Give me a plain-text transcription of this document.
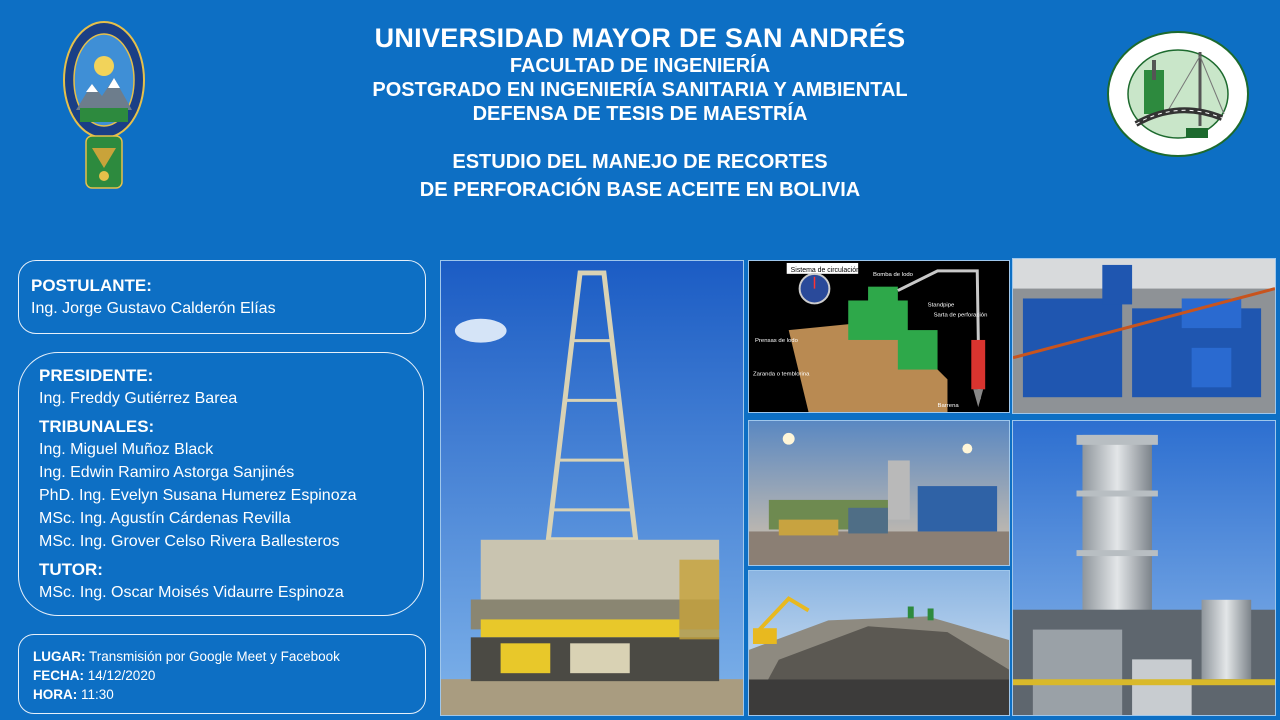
UNIVERSIDAD MAYOR DE SAN ANDRÉS
FACULTAD DE INGENIERÍA
POSTGRADO EN INGENIERÍA SANITARIA Y AMBIENTAL
DEFENSA DE TESIS DE MAESTRÍA
ESTUDIO DEL MANEJO DE RECORTES
DE PERFORACIÓN BASE ACEITE EN BOLIVIA
POSTULANTE:
Ing. Jorge Gustavo Calderón Elías
PRESIDENTE:
Ing. Freddy Gutiérrez Barea
TRIBUNALES:
Ing. Miguel Muñoz Black
Ing. Edwin Ramiro Astorga Sanjinés
PhD. Ing. Evelyn Susana Humerez Espinoza
MSc. Ing. Agustín Cárdenas Revilla
MSc. Ing. Grover Celso Rivera Ballesteros
TUTOR:
MSc. Ing. Oscar Moisés Vidaurre Espinoza
LUGAR: Transmisión por Google Meet y Facebook
FECHA: 14/12/2020
HORA: 11:30
Sistema de circulación
Bomba de lodo
Standpipe
Sarta de perforación
Prensas de lodo
Zaranda o temblorina
Barrena
